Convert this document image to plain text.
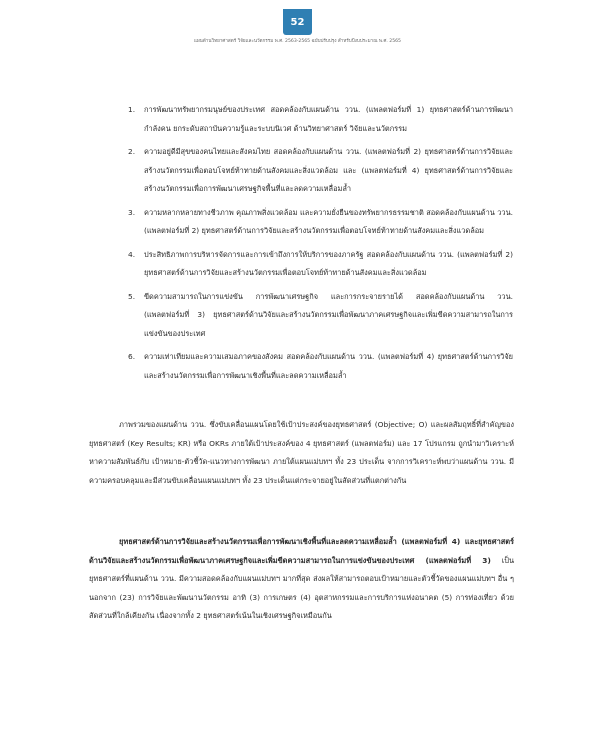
52
แผนด้านวิทยาศาสตร์ วิจัยและนวัตกรรม พ.ศ. 2563-2565 ฉบับปรับปรุง สำหรับปีงบประมาณ พ.ศ. 2565
1. การพัฒนาทรัพยากรมนุษย์ของประเทศ สอดคล้องกับแผนด้าน ววน. (แพลตฟอร์มที่ 1) ยุทธศาสตร์ด้านการพัฒนากำลังคน ยกระดับสถาบันความรู้และระบบนิเวศ ด้านวิทยาศาสตร์ วิจัยและนวัตกรรม
2. ความอยู่ดีมีสุขของคนไทยและสังคมไทย สอดคล้องกับแผนด้าน ววน. (แพลตฟอร์มที่ 2) ยุทธศาสตร์ด้านการวิจัยและสร้างนวัตกรรมเพื่อตอบโจทย์ท้าทายด้านสังคมและสิ่งแวดล้อม และ (แพลตฟอร์มที่ 4) ยุทธศาสตร์ด้านการวิจัยและสร้างนวัตกรรมเพื่อการพัฒนาเศรษฐกิจพื้นที่และลดความเหลื่อมล้ำ
3. ความหลากหลายทางชีวภาพ คุณภาพสิ่งแวดล้อม และความยั่งยืนของทรัพยากรธรรมชาติ สอดคล้องกับแผนด้าน ววน. (แพลตฟอร์มที่ 2) ยุทธศาสตร์ด้านการวิจัยและสร้างนวัตกรรมเพื่อตอบโจทย์ท้าทายด้านสังคมและสิ่งแวดล้อม
4. ประสิทธิภาพการบริหารจัดการและการเข้าถึงการให้บริการของภาครัฐ สอดคล้องกับแผนด้าน ววน. (แพลตฟอร์มที่ 2) ยุทธศาสตร์ด้านการวิจัยและสร้างนวัตกรรมเพื่อตอบโจทย์ท้าทายด้านสังคมและสิ่งแวดล้อม
5. ขีดความสามารถในการแข่งขัน การพัฒนาเศรษฐกิจ และการกระจายรายได้ สอดคล้องกับแผนด้าน ววน. (แพลตฟอร์มที่ 3) ยุทธศาสตร์ด้านวิจัยและสร้างนวัตกรรมเพื่อพัฒนาภาคเศรษฐกิจและเพิ่มขีดความสามารถในการแข่งขันของประเทศ
6. ความเท่าเทียมและความเสมอภาคของสังคม สอดคล้องกับแผนด้าน ววน. (แพลตฟอร์มที่ 4) ยุทธศาสตร์ด้านการวิจัยและสร้างนวัตกรรมเพื่อการพัฒนาเชิงพื้นที่และลดความเหลื่อมล้ำ

ภาพรวมของแผนด้าน ววน. ซึ่งขับเคลื่อนแผนโดยใช้เป้าประสงค์ของยุทธศาสตร์ (Objective; O) และผลสัมฤทธิ์ที่สำคัญของยุทธศาสตร์ (Key Results; KR) หรือ OKRs ภายใต้เป้าประสงค์ของ 4 ยุทธศาสตร์ (แพลตฟอร์ม) และ 17 โปรแกรม ถูกนำมาวิเคราะห์หาความสัมพันธ์กับ เป้าหมาย-ตัวชี้วัด-แนวทางการพัฒนา ภายใต้แผนแม่บทฯ ทั้ง 23 ประเด็น จากการวิเคราะห์พบว่าแผนด้าน ววน. มีความครอบคลุมและมีส่วนขับเคลื่อนแผนแม่บทฯ ทั้ง 23 ประเด็นแต่กระจายอยู่ในสัดส่วนที่แตกต่างกัน

ยุทธศาสตร์ด้านการวิจัยและสร้างนวัตกรรมเพื่อการพัฒนาเชิงพื้นที่และลดความเหลื่อมล้ำ (แพลตฟอร์มที่ 4) และยุทธศาสตร์ด้านวิจัยและสร้างนวัตกรรมเพื่อพัฒนาภาคเศรษฐกิจและเพิ่มขีดความสามารถในการแข่งขันของประเทศ (แพลตฟอร์มที่ 3) เป็นยุทธศาสตร์ที่แผนด้าน ววน. มีความสอดคล้องกับแผนแม่บทฯ มากที่สุด ส่งผลให้สามารถตอบเป้าหมายและตัวชี้วัดของแผนแม่บทฯ อื่น ๆ นอกจาก (23) การวิจัยและพัฒนานวัตกรรม อาทิ (3) การเกษตร (4) อุตสาหกรรมและการบริการแห่งอนาคต (5) การท่องเที่ยว ด้วยสัดส่วนที่ใกล้เคียงกัน เนื่องจากทั้ง 2 ยุทธศาสตร์เน้นในเชิงเศรษฐกิจเหมือนกัน
